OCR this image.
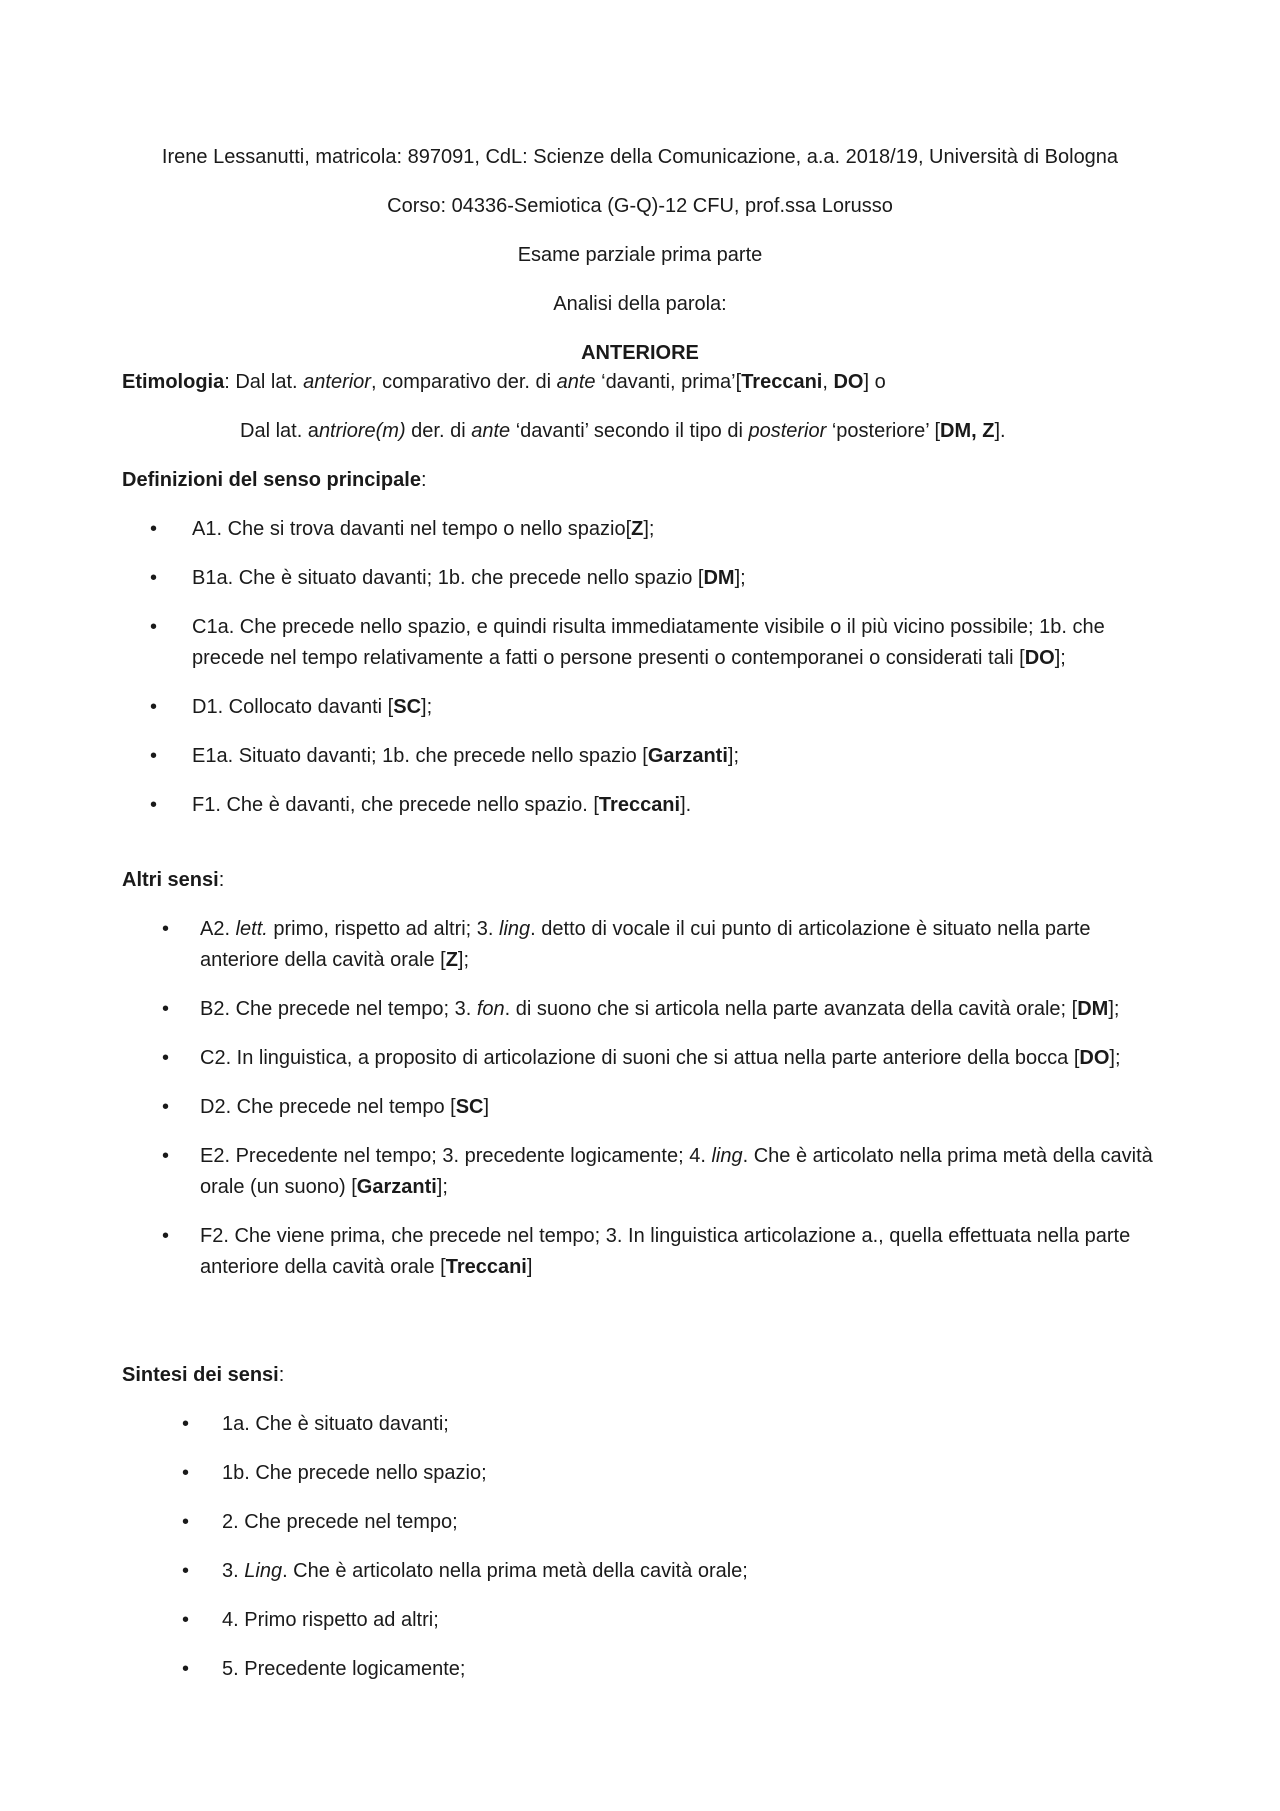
Irene Lessanutti, matricola: 897091, CdL: Scienze della Comunicazione, a.a. 2018/19, Università di Bologna

Corso: 04336-Semiotica (G-Q)-12 CFU, prof.ssa Lorusso

Esame parziale prima parte

Analisi della parola:

ANTERIORE

Etimologia: Dal lat. anterior, comparativo der. di ante ‘davanti, prima’[Treccani, DO] o
Dal lat. antriore(m) der. di ante ‘davanti’ secondo il tipo di posterior ‘posteriore’ [DM, Z].
Definizioni del senso principale:
• A1. Che si trova davanti nel tempo o nello spazio[Z];
• B1a. Che è situato davanti; 1b. che precede nello spazio [DM];
• C1a. Che precede nello spazio, e quindi risulta immediatamente visibile o il più vicino possibile; 1b. che precede nel tempo relativamente a fatti o persone presenti o contemporanei o considerati tali [DO];
• D1. Collocato davanti [SC];
• E1a. Situato davanti; 1b. che precede nello spazio [Garzanti];
• F1. Che è davanti, che precede nello spazio. [Treccani].
Altri sensi:
• A2. lett. primo, rispetto ad altri; 3. ling. detto di vocale il cui punto di articolazione è situato nella parte anteriore della cavità orale [Z];
• B2. Che precede nel tempo; 3. fon. di suono che si articola nella parte avanzata della cavità orale; [DM];
• C2. In linguistica, a proposito di articolazione di suoni che si attua nella parte anteriore della bocca [DO];
• D2. Che precede nel tempo [SC]
• E2. Precedente nel tempo; 3. precedente logicamente; 4. ling. Che è articolato nella prima metà della cavità orale (un suono) [Garzanti];
• F2. Che viene prima, che precede nel tempo; 3. In linguistica articolazione a., quella effettuata nella parte anteriore della cavità orale [Treccani]
Sintesi dei sensi:
• 1a. Che è situato davanti;
• 1b. Che precede nello spazio;
• 2. Che precede nel tempo;
• 3. Ling. Che è articolato nella prima metà della cavità orale;
• 4. Primo rispetto ad altri;
• 5. Precedente logicamente;
